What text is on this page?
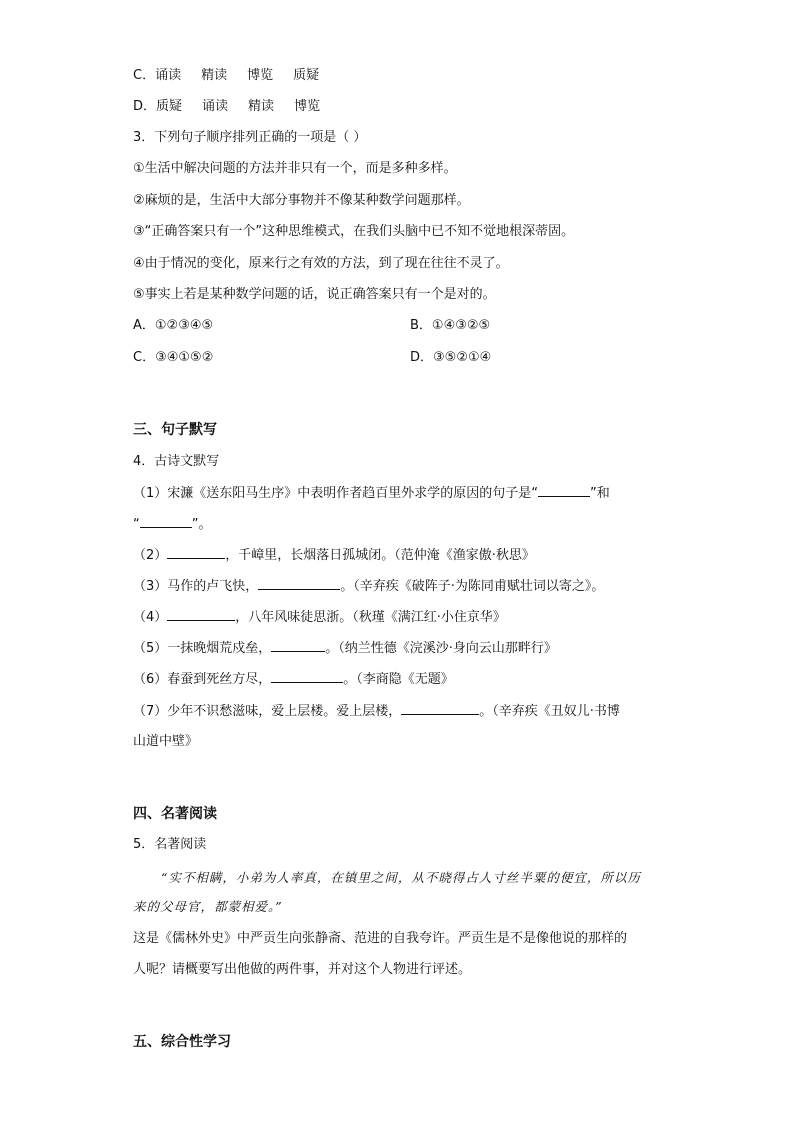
C．诵读 精读 博览 质疑
D．质疑 诵读 精读 博览
3．下列句子顺序排列正确的一项是（ ）
①生活中解决问题的方法并非只有一个，而是多种多样。
②麻烦的是，生活中大部分事物并不像某种数学问题那样。
③“正确答案只有一个”这种思维模式，在我们头脑中已不知不觉地根深蒂固。
④由于情况的变化，原来行之有效的方法，到了现在往往不灵了。
⑤事实上若是某种数学问题的话，说正确答案只有一个是对的。
A．①②③④⑤	B．①④③②⑤
C．③④①⑤②	D．③⑤②①④
三、句子默写
4．古诗文默写
（1）宋濂《送东阳马生序》中表明作者趋百里外求学的原因的句子是“	”和
“	”。
（2）	，千嶂里，长烟落日孤城闭。（范仲淹《渔家傲·秋思》
（3）马作的卢飞快，	。（辛弃疾《破阵子·为陈同甫赋壮词以寄之》。
（4）	，八年风味徒思浙。（秋瑾《满江红·小住京华》
（5）一抹晚烟荒戍垒，	。（纳兰性德《浣溪沙·身向云山那畔行》
（6）春蚕到死丝方尽，	。（李商隐《无题》
（7）少年不识愁滋味，爱上层楼。爱上层楼，	。（辛弃疾《丑奴儿·书博
山道中壁》
四、名著阅读
5．名著阅读
“实不相瞒，小弟为人率真，在镇里之间，从不晓得占人寸丝半粟的便宜，所以历
来的父母官，都蒙相爱。”
这是《儒林外史》中严贡生向张静斋、范进的自我夸许。严贡生是不是像他说的那样的
人呢？请概要写出他做的两件事，并对这个人物进行评述。
五、综合性学习
